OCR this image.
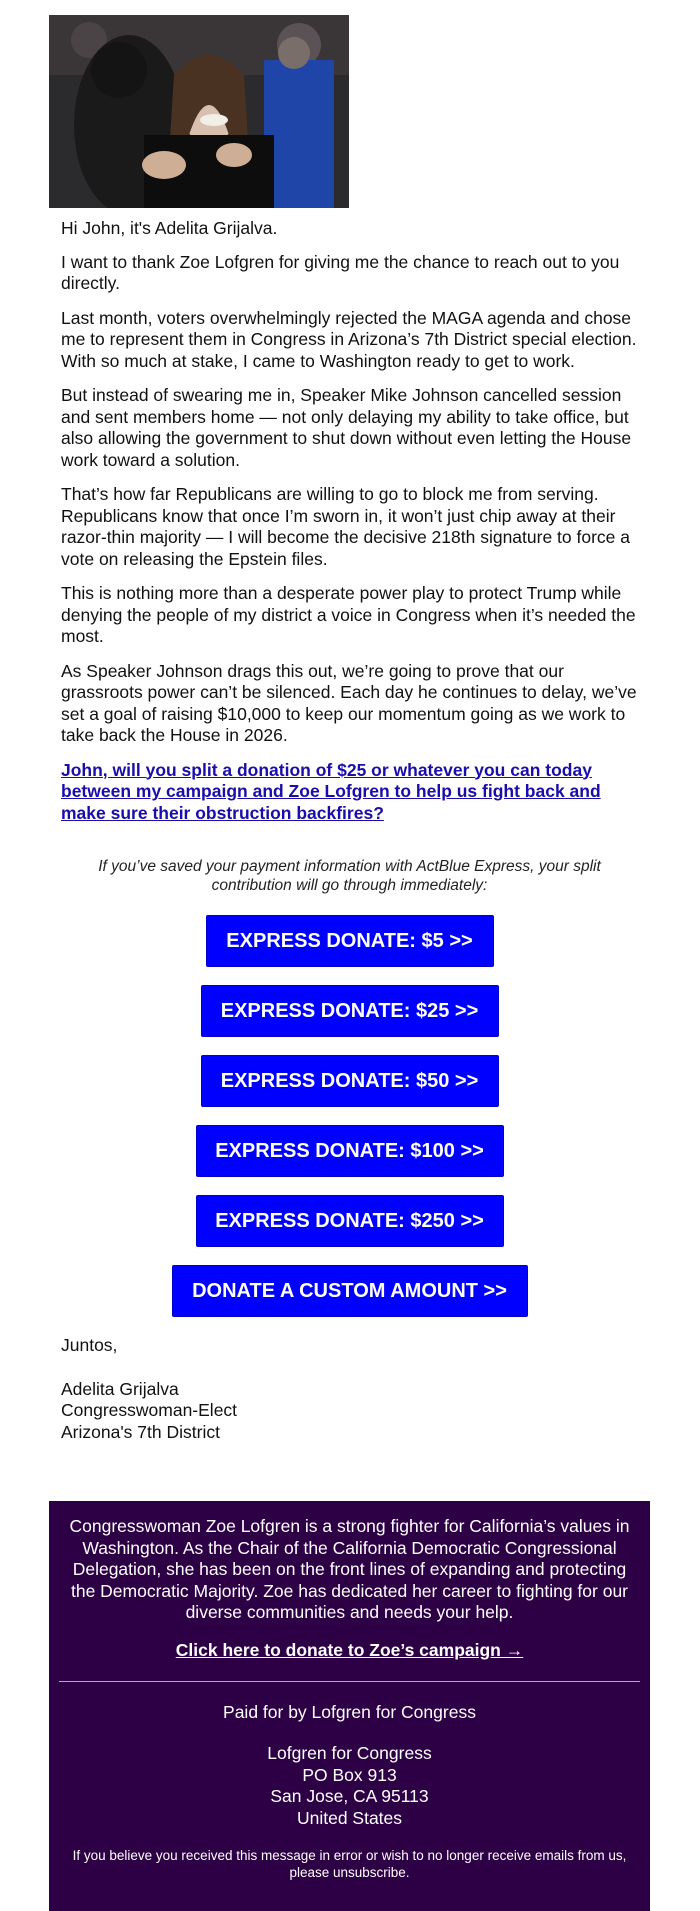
Hi John, it's Adelita Grijalva.

I want to thank Zoe Lofgren for giving me the chance to reach out to you directly.

Last month, voters overwhelmingly rejected the MAGA agenda and chose me to represent them in Congress in Arizona’s 7th District special election. With so much at stake, I came to Washington ready to get to work.

But instead of swearing me in, Speaker Mike Johnson cancelled session and sent members home — not only delaying my ability to take office, but also allowing the government to shut down without even letting the House work toward a solution.

That’s how far Republicans are willing to go to block me from serving. Republicans know that once I’m sworn in, it won’t just chip away at their razor-thin majority — I will become the decisive 218th signature to force a vote on releasing the Epstein files.

This is nothing more than a desperate power play to protect Trump while denying the people of my district a voice in Congress when it’s needed the most.

As Speaker Johnson drags this out, we’re going to prove that our grassroots power can’t be silenced. Each day he continues to delay, we’ve set a goal of raising $10,000 to keep our momentum going as we work to take back the House in 2026.

John, will you split a donation of $25 or whatever you can today between my campaign and Zoe Lofgren to help us fight back and make sure their obstruction backfires?

If you’ve saved your payment information with ActBlue Express, your split contribution will go through immediately:

EXPRESS DONATE: $5 >>
EXPRESS DONATE: $25 >>
EXPRESS DONATE: $50 >>
EXPRESS DONATE: $100 >>
EXPRESS DONATE: $250 >>
DONATE A CUSTOM AMOUNT >>

Juntos,

Adelita Grijalva

Congresswoman-Elect

Arizona's 7th District

Congresswoman Zoe Lofgren is a strong fighter for California’s values in Washington. As the Chair of the California Democratic Congressional Delegation, she has been on the front lines of expanding and protecting the Democratic Majority. Zoe has dedicated her career to fighting for our diverse communities and needs your help.

Click here to donate to Zoe’s campaign →

Paid for by Lofgren for Congress

Lofgren for Congress

PO Box 913

San Jose, CA 95113

United States

If you believe you received this message in error or wish to no longer receive emails from us, please unsubscribe.
